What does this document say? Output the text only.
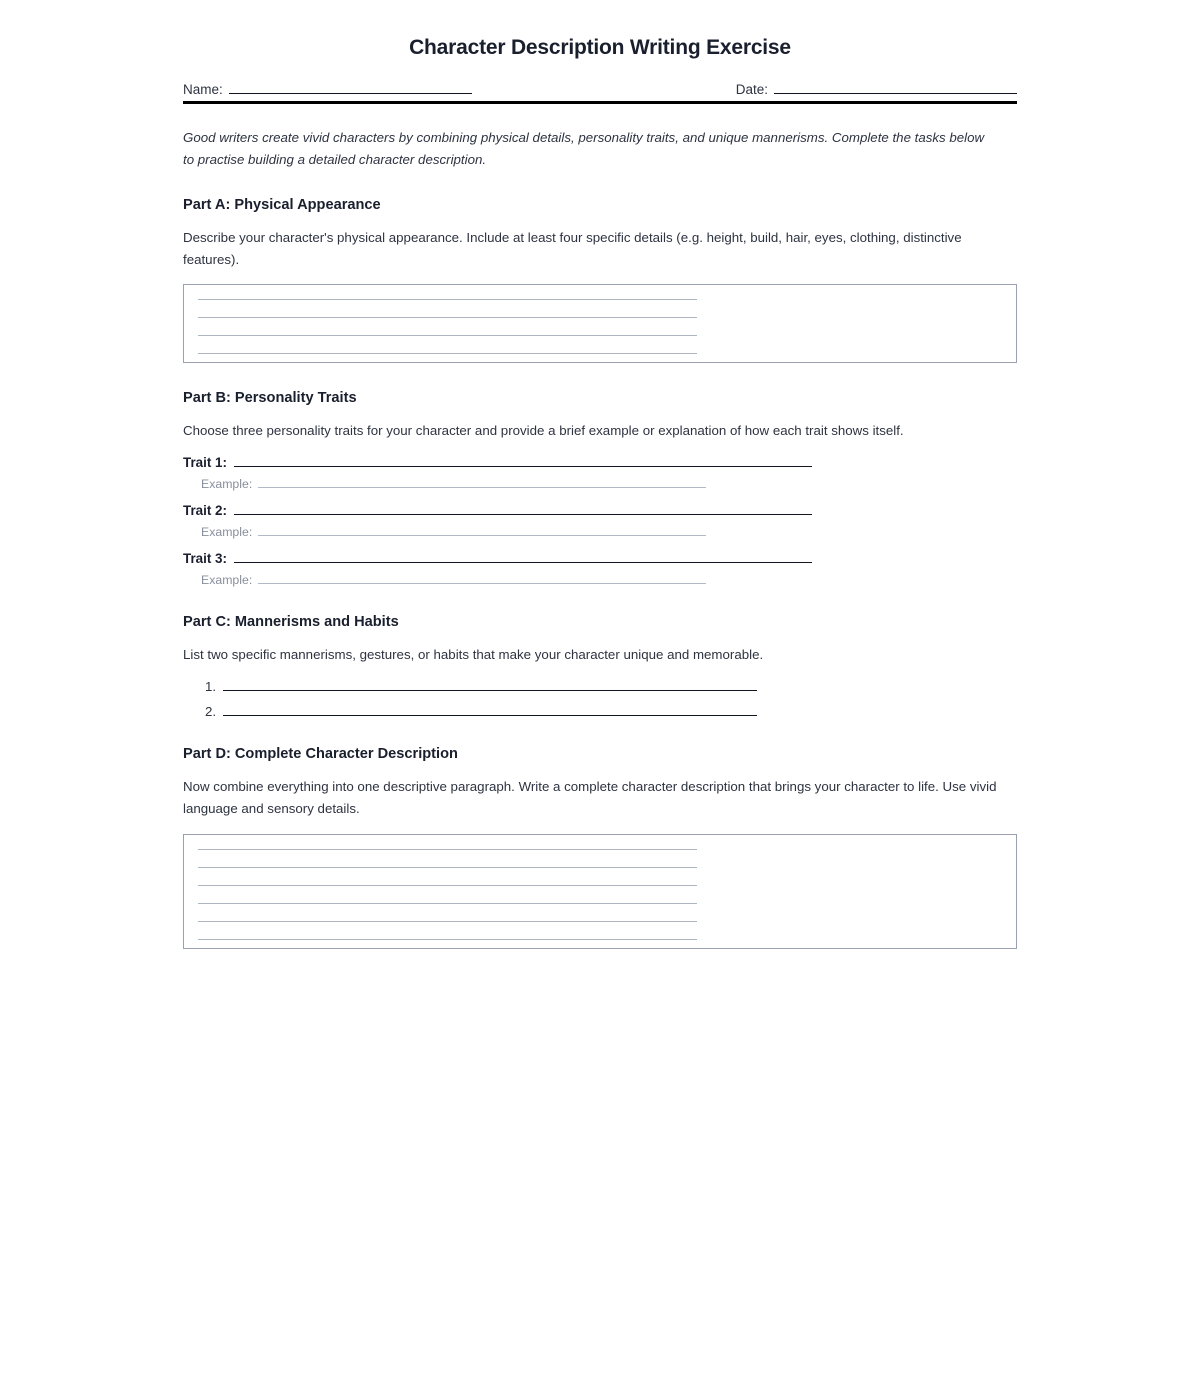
Character Description Writing Exercise
Name:	Date:

Good writers create vivid characters by combining physical details, personality traits, and unique mannerisms. Complete the tasks below to practise building a detailed character description.

Part A: Physical Appearance

Describe your character's physical appearance. Include at least four specific details (e.g. height, build, hair, eyes, clothing, distinctive features).

Part B: Personality Traits

Choose three personality traits for your character and provide a brief example or explanation of how each trait shows itself.

Trait 1:
Example:
Trait 2:
Example:
Trait 3:
Example:
Part C: Mannerisms and Habits

List two specific mannerisms, gestures, or habits that make your character unique and memorable.

1.
2.
Part D: Complete Character Description

Now combine everything into one descriptive paragraph. Write a complete character description that brings your character to life. Use vivid language and sensory details.
